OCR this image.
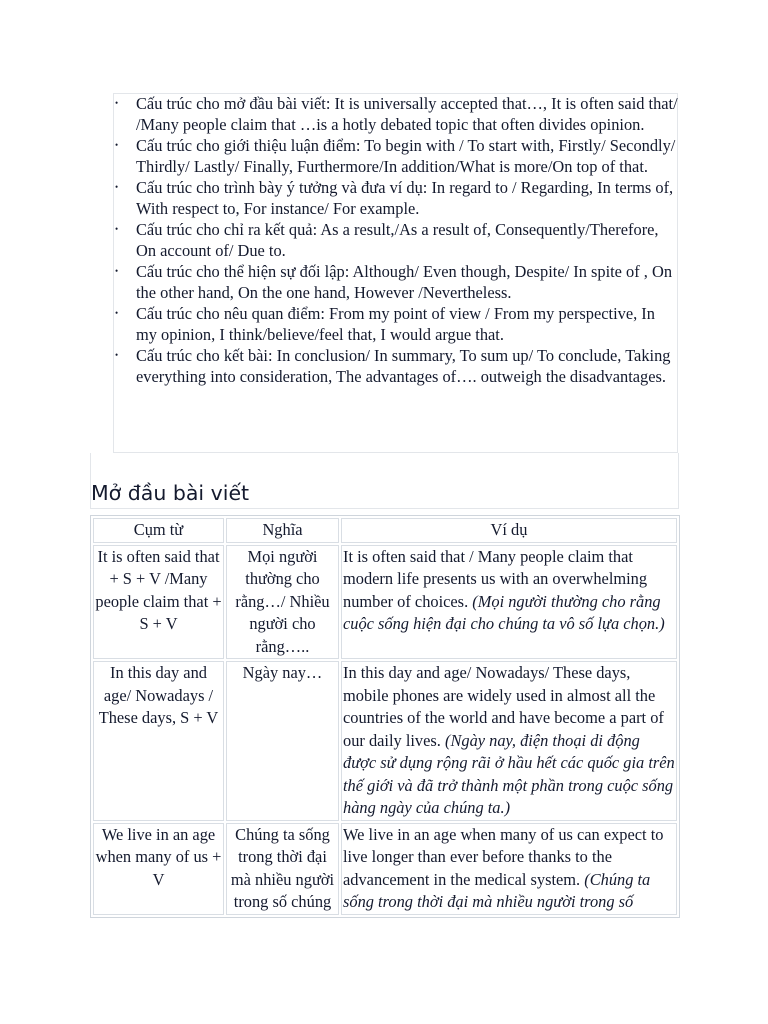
• Cấu trúc cho mở đầu bài viết: It is universally accepted that…, It is often said that/ /Many people claim that …is a hotly debated topic that often divides opinion.
• Cấu trúc cho giới thiệu luận điểm: To begin with / To start with, Firstly/ Secondly/ Thirdly/ Lastly/ Finally, Furthermore/In addition/What is more/On top of that.
• Cấu trúc cho trình bày ý tưởng và đưa ví dụ: In regard to / Regarding, In terms of, With respect to, For instance/ For example.
• Cấu trúc cho chỉ ra kết quả: As a result,/As a result of, Consequently/Therefore, On account of/ Due to.
• Cấu trúc cho thể hiện sự đối lập: Although/ Even though, Despite/ In spite of , On the other hand, On the one hand, However /Nevertheless.
• Cấu trúc cho nêu quan điểm: From my point of view / From my perspective, In my opinion, I think/believe/feel that, I would argue that.
• Cấu trúc cho kết bài: In conclusion/ In summary, To sum up/ To conclude, Taking everything into consideration, The advantages of…. outweigh the disadvantages.
Mở đầu bài viết
Cụm từ	Nghĩa	Ví dụ
It is often said that + S + V /Many people claim that + S + V	Mọi người thường cho rằng…/ Nhiều người cho rằng…..	It is often said that / Many people claim that modern life presents us with an overwhelming number of choices. (Mọi người thường cho rằng cuộc sống hiện đại cho chúng ta vô số lựa chọn.)
In this day and age/ Nowadays / These days, S + V	Ngày nay…	In this day and age/ Nowadays/ These days, mobile phones are widely used in almost all the countries of the world and have become a part of our daily lives. (Ngày nay, điện thoại di động được sử dụng rộng rãi ở hầu hết các quốc gia trên thế giới và đã trở thành một phần trong cuộc sống hàng ngày của chúng ta.)
We live in an age when many of us + V	Chúng ta sống trong thời đại mà nhiều người trong số chúng	We live in an age when many of us can expect to live longer than ever before thanks to the advancement in the medical system. (Chúng ta sống trong thời đại mà nhiều người trong số
